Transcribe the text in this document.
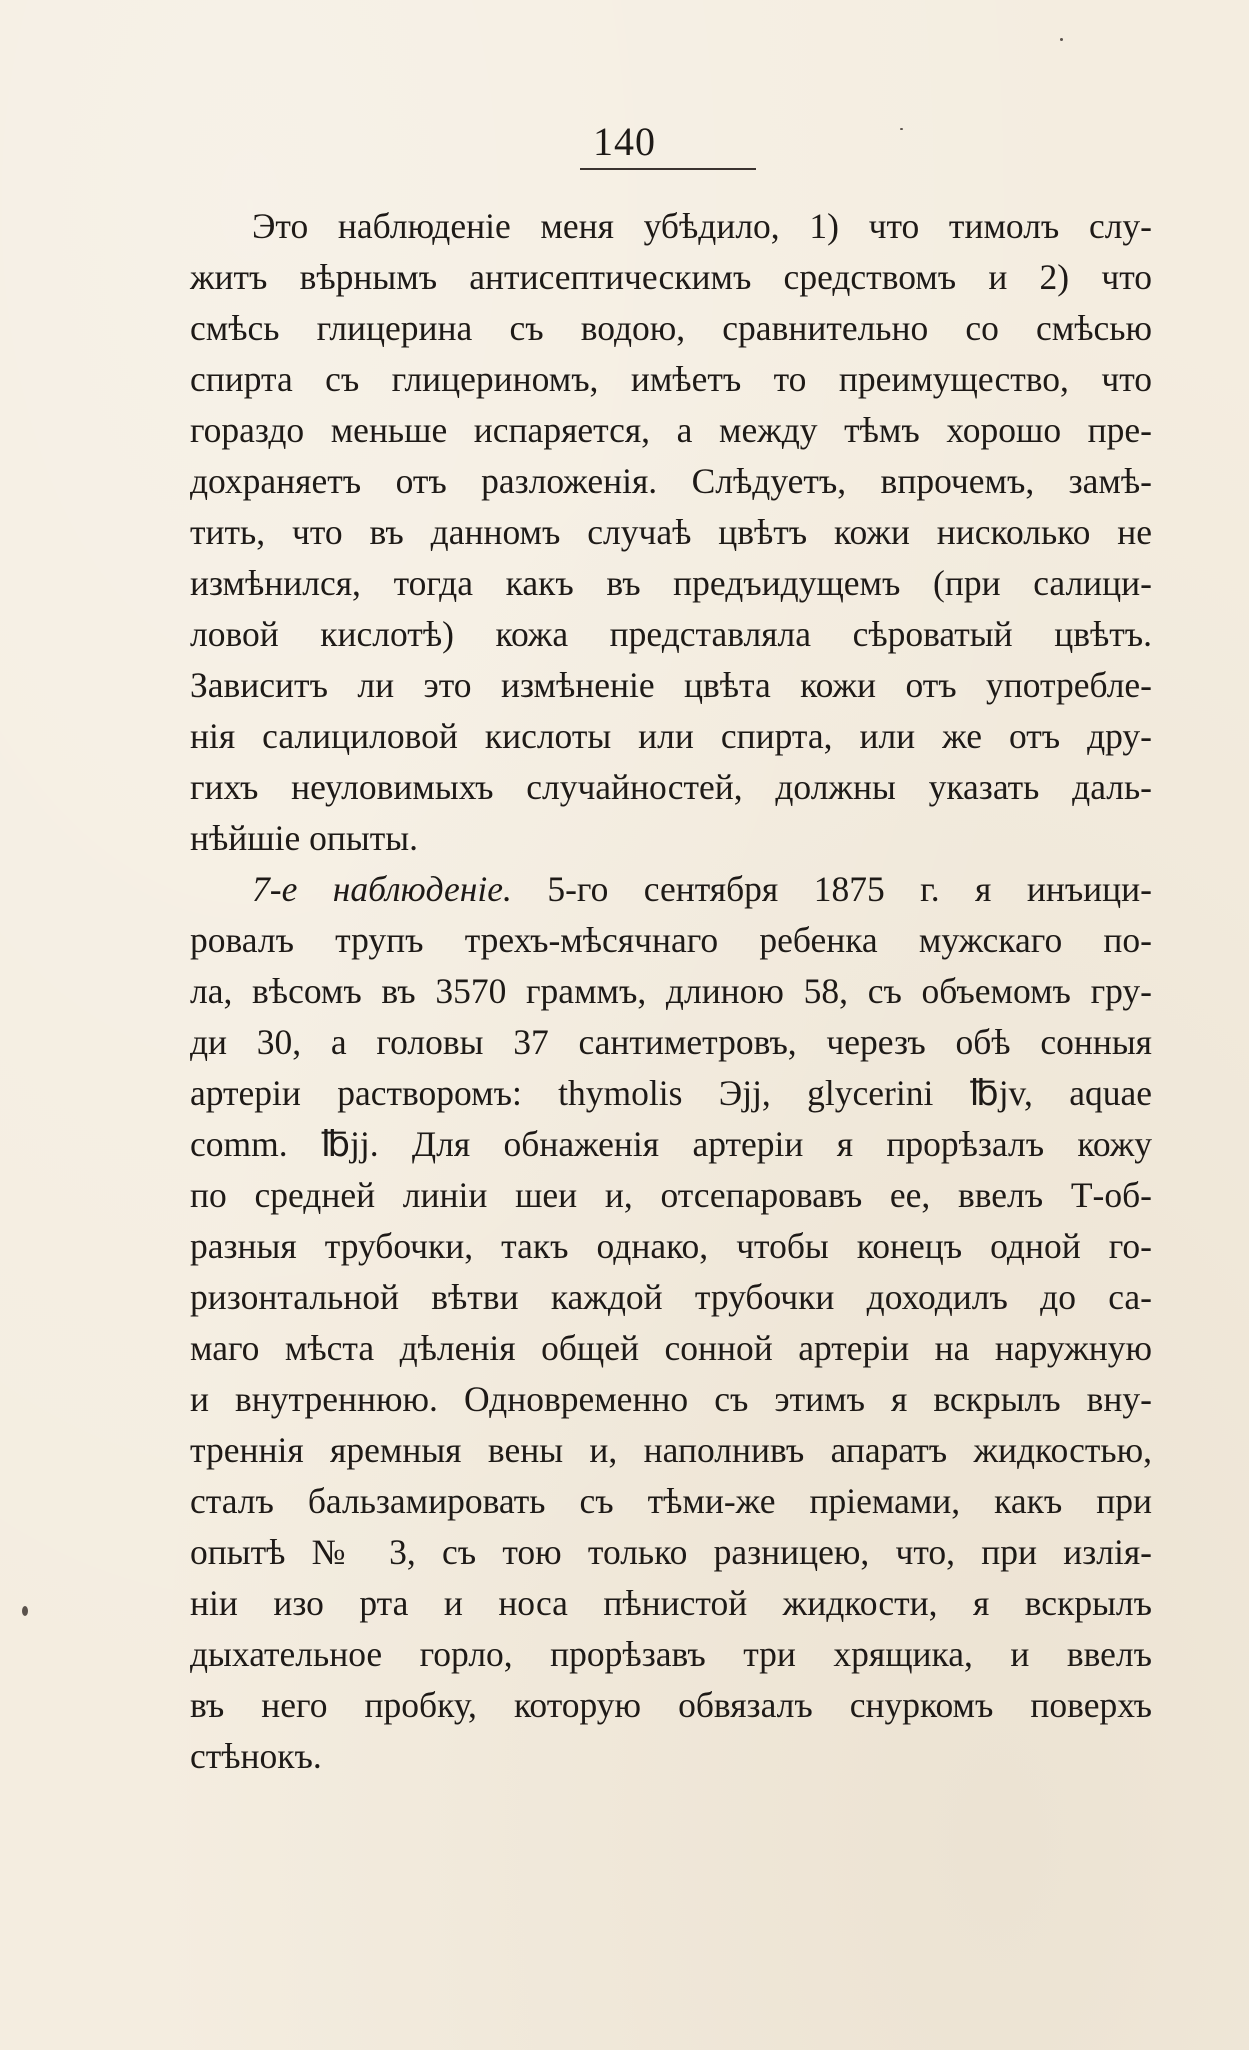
140
Это наблюденіе меня убѣдило, 1) что тимолъ слу-
житъ вѣрнымъ антисептическимъ средствомъ и 2) что
смѣсь глицерина съ водою, сравнительно со смѣсью
спирта съ глицериномъ, имѣетъ то преимущество, что
гораздо меньше испаряется, а между тѣмъ хорошо пре-
дохраняетъ отъ разложенія. Слѣдуетъ, впрочемъ, замѣ-
тить, что въ данномъ случаѣ цвѣтъ кожи нисколько не
измѣнился, тогда какъ въ предъидущемъ (при салици-
ловой кислотѣ) кожа представляла сѣроватый цвѣтъ.
Зависитъ ли это измѣненіе цвѣта кожи отъ употребле-
нія салициловой кислоты или спирта, или же отъ дру-
гихъ неуловимыхъ случайностей, должны указать даль-
нѣйшіе опыты.
7-е наблюденіе. 5-го сентября 1875 г. я инъици-
ровалъ трупъ трехъ-мѣсячнаго ребенка мужскаго по-
ла, вѣсомъ въ 3570 граммъ, длиною 58, съ объемомъ гру-
ди 30, а головы 37 сантиметровъ, черезъ обѣ сонныя
артеріи растворомъ: thymolis Эjj, glycerini ℔jv, aquae
comm. ℔jj. Для обнаженія артеріи я прорѣзалъ кожу
по средней линіи шеи и, отсепаровавъ ее, ввелъ Т-об-
разныя трубочки, такъ однако, чтобы конецъ одной го-
ризонтальной вѣтви каждой трубочки доходилъ до са-
маго мѣста дѣленія общей сонной артеріи на наружную
и внутреннюю. Одновременно съ этимъ я вскрылъ вну-
треннія яремныя вены и, наполнивъ апаратъ жидкостью,
сталъ бальзамировать съ тѣми-же пріемами, какъ при
опытѣ № 3, съ тою только разницею, что, при излія-
ніи изо рта и носа пѣнистой жидкости, я вскрылъ
дыхательное горло, прорѣзавъ три хрящика, и ввелъ
въ него пробку, которую обвязалъ снуркомъ поверхъ
стѣнокъ.
